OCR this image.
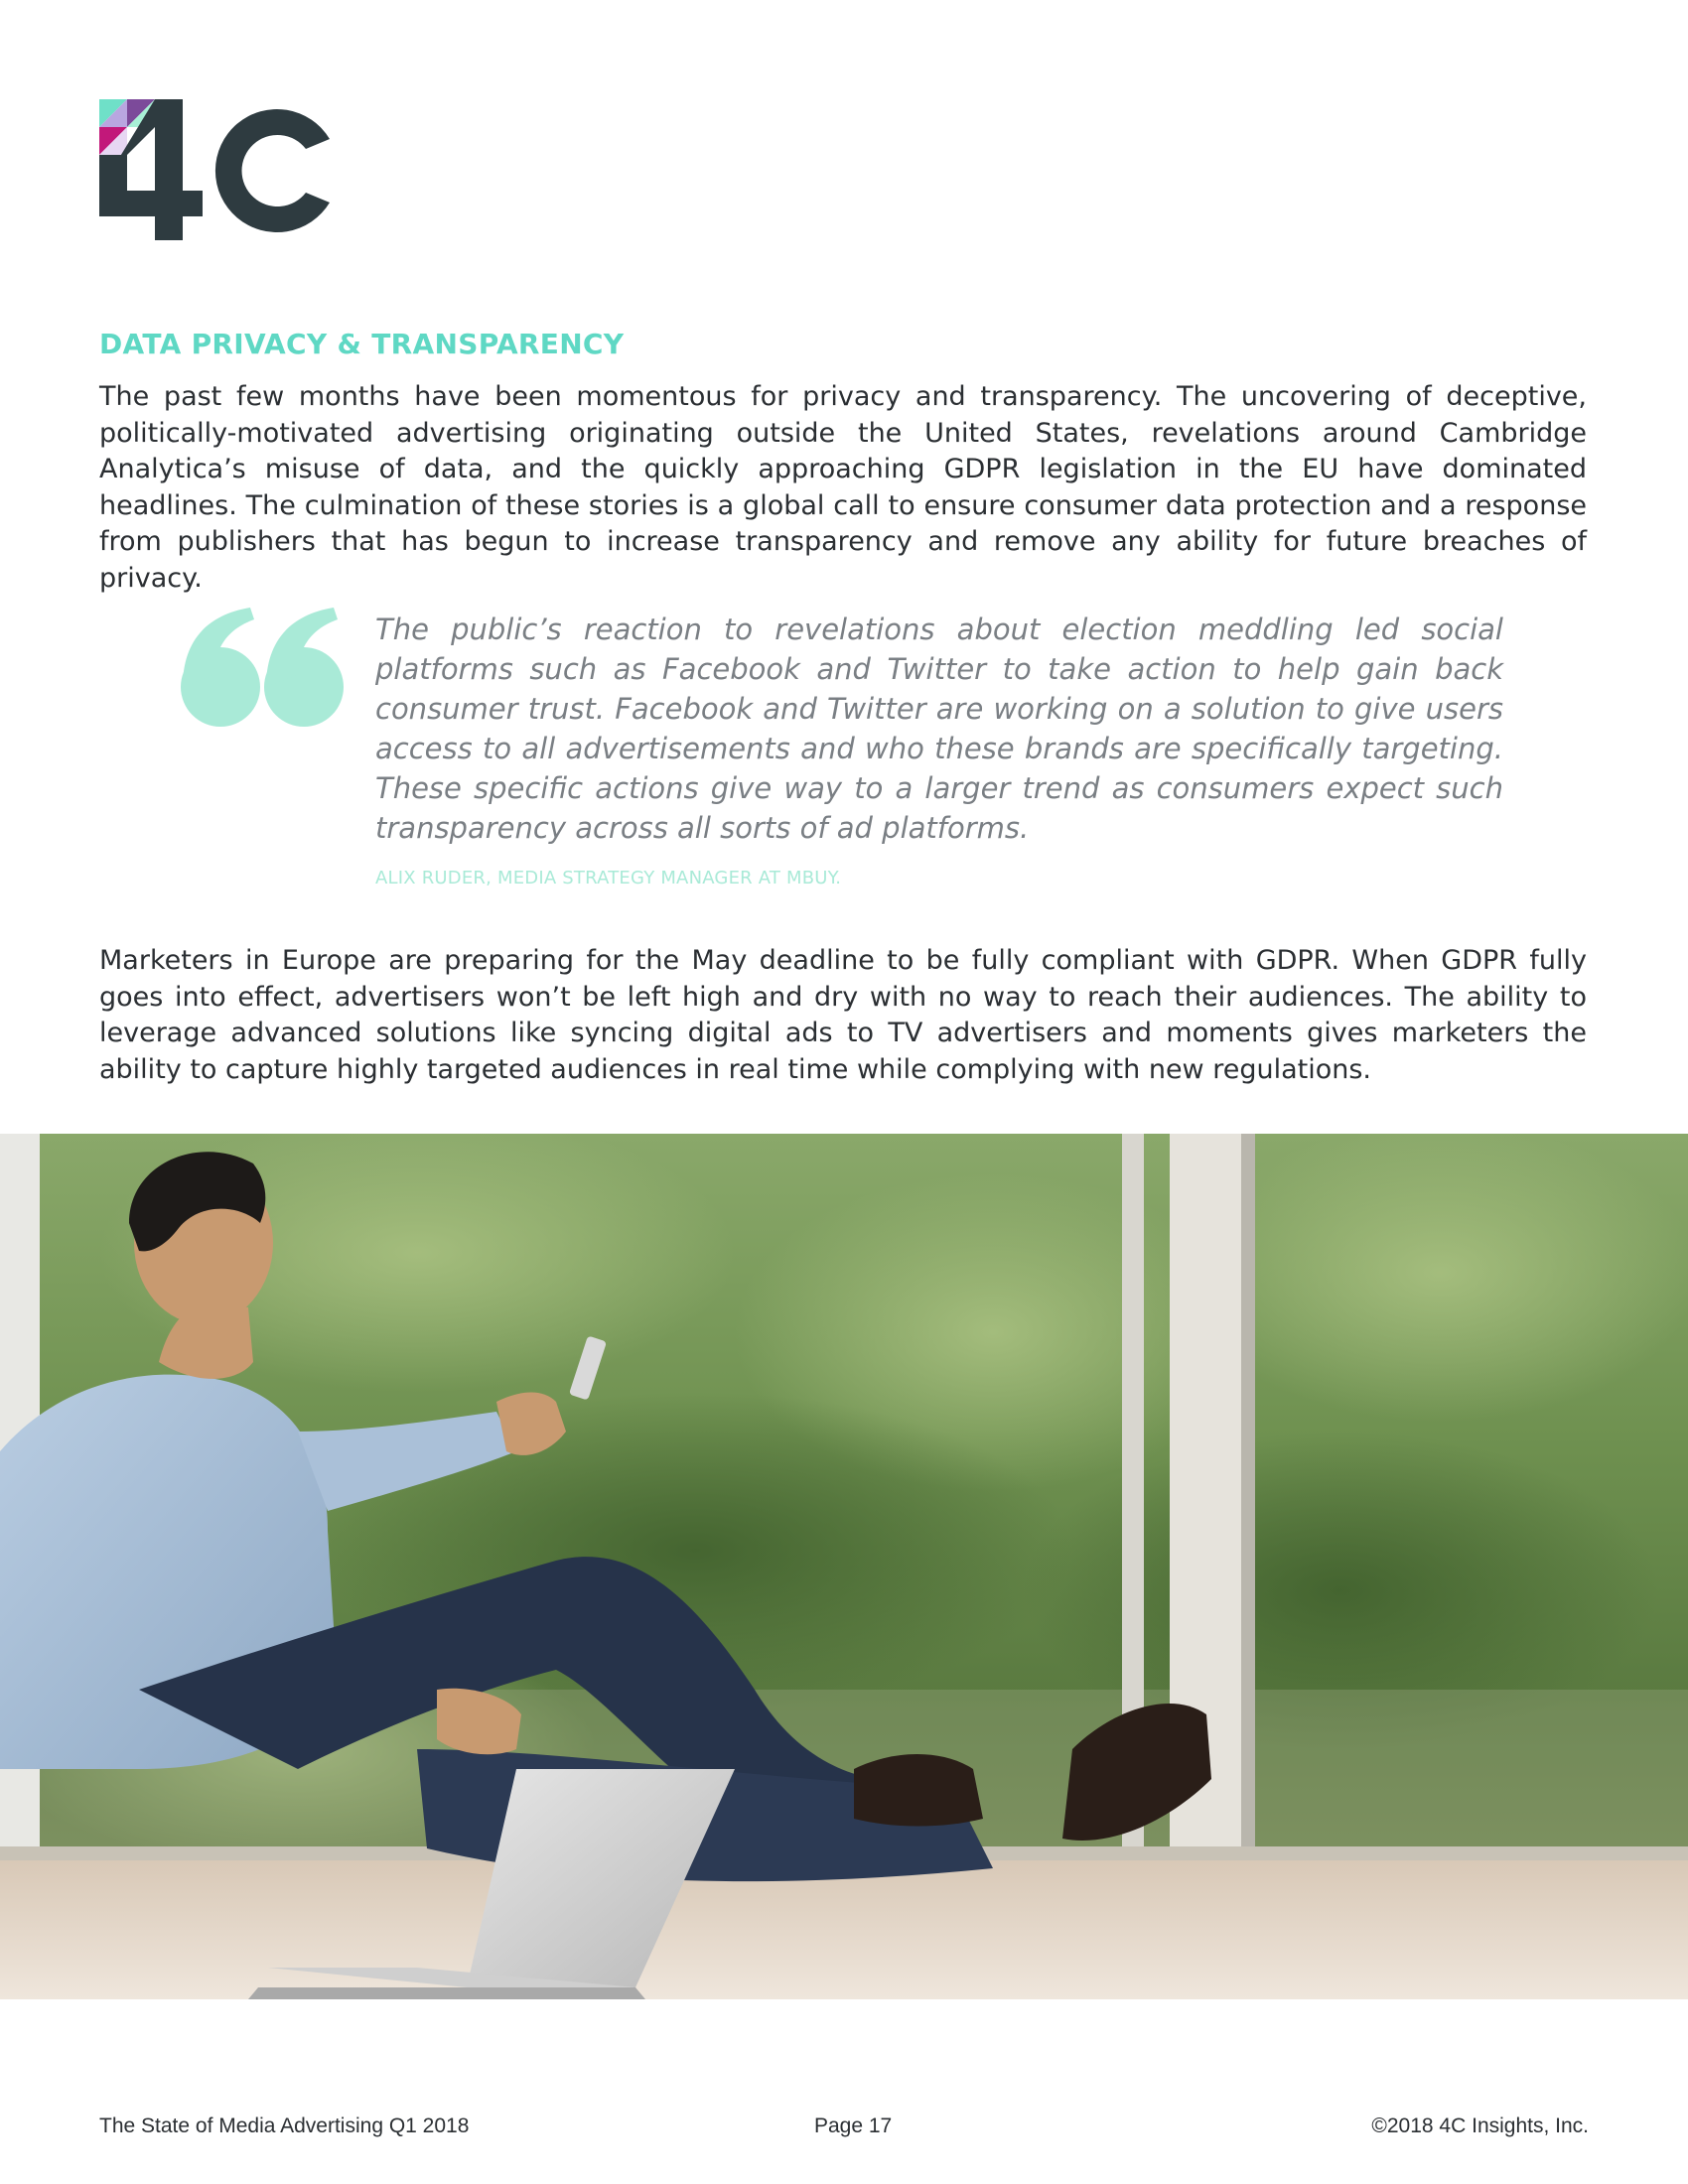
DATA PRIVACY & TRANSPARENCY

The past few months have been momentous for privacy and transparency. The uncovering of deceptive, politically-motivated advertising originating outside the United States, revelations around Cambridge Analytica’s misuse of data, and the quickly approaching GDPR legislation in the EU have dominated headlines. The culmination of these stories is a global call to ensure consumer data protection and a response from publishers that has begun to increase transparency and remove any ability for future breaches of privacy.

The public’s reaction to revelations about election meddling led social platforms such as Facebook and Twitter to take action to help gain back consumer trust. Facebook and Twitter are working on a solution to give users access to all advertisements and who these brands are specifically targeting. These specific actions give way to a larger trend as consumers expect such transparency across all sorts of ad platforms.

ALIX RUDER, MEDIA STRATEGY MANAGER AT MBUY.

Marketers in Europe are preparing for the May deadline to be fully compliant with GDPR. When GDPR fully goes into effect, advertisers won’t be left high and dry with no way to reach their audiences. The ability to leverage advanced solutions like syncing digital ads to TV advertisers and moments gives marketers the ability to capture highly targeted audiences in real time while complying with new regulations.

The State of Media Advertising Q1 2018	Page 17	©2018 4C Insights, Inc.
